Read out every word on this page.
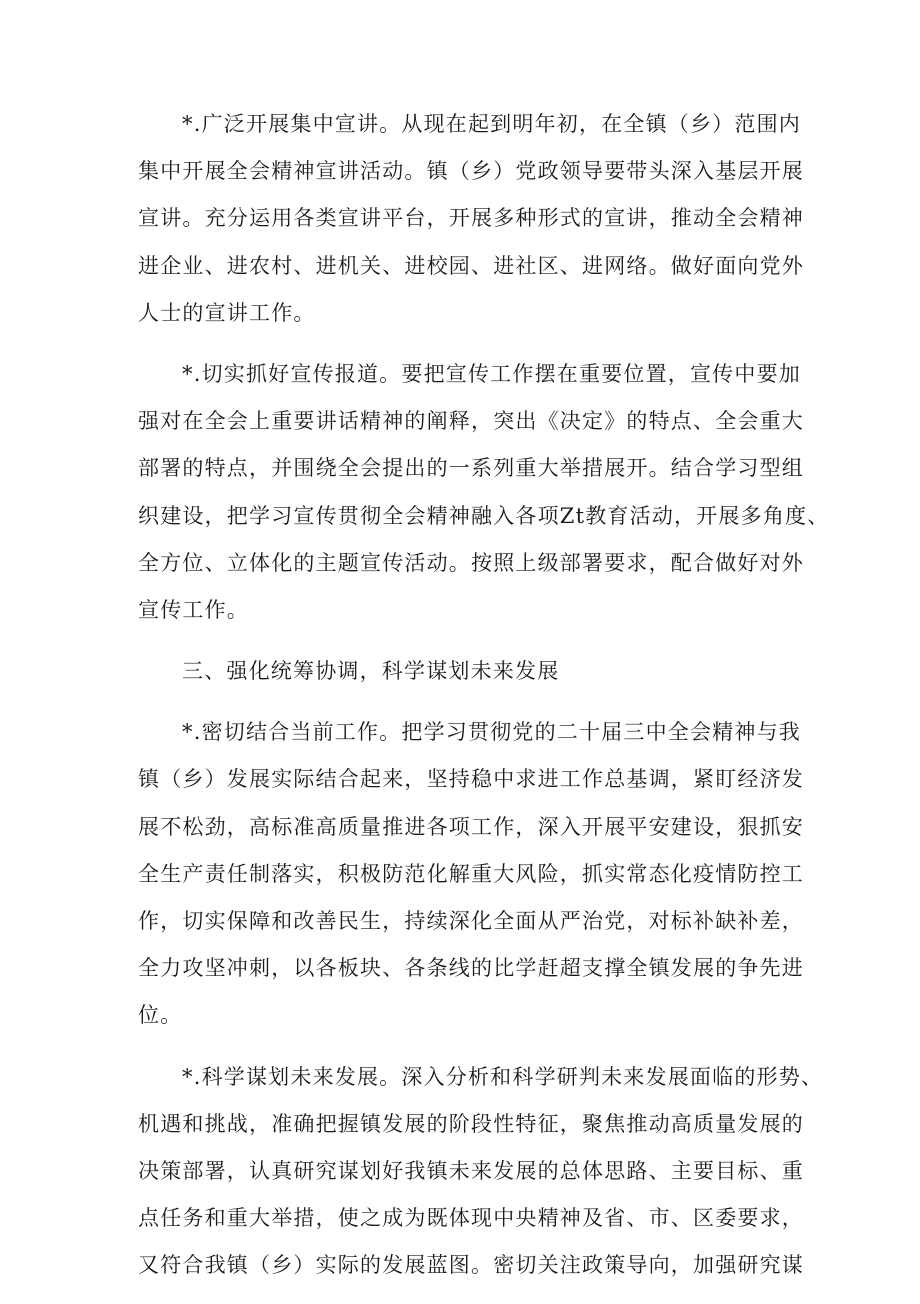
*.广泛开展集中宣讲。从现在起到明年初，在全镇（乡）范围内
集中开展全会精神宣讲活动。镇（乡）党政领导要带头深入基层开展
宣讲。充分运用各类宣讲平台，开展多种形式的宣讲，推动全会精神
进企业、进农村、进机关、进校园、进社区、进网络。做好面向党外
人士的宣讲工作。

*.切实抓好宣传报道。要把宣传工作摆在重要位置，宣传中要加
强对在全会上重要讲话精神的阐释，突出《决定》的特点、全会重大
部署的特点，并围绕全会提出的一系列重大举措展开。结合学习型组
织建设，把学习宣传贯彻全会精神融入各项Zt教育活动，开展多角度、
全方位、立体化的主题宣传活动。按照上级部署要求，配合做好对外
宣传工作。

三、强化统筹协调，科学谋划未来发展

*.密切结合当前工作。把学习贯彻党的二十届三中全会精神与我
镇（乡）发展实际结合起来，坚持稳中求进工作总基调，紧盯经济发
展不松劲，高标准高质量推进各项工作，深入开展平安建设，狠抓安
全生产责任制落实，积极防范化解重大风险，抓实常态化疫情防控工
作，切实保障和改善民生，持续深化全面从严治党，对标补缺补差，
全力攻坚冲刺，以各板块、各条线的比学赶超支撑全镇发展的争先进
位。

*.科学谋划未来发展。深入分析和科学研判未来发展面临的形势、
机遇和挑战，准确把握镇发展的阶段性特征，聚焦推动高质量发展的
决策部署，认真研究谋划好我镇未来发展的总体思路、主要目标、重
点任务和重大举措，使之成为既体现中央精神及省、市、区委要求，
又符合我镇（乡）实际的发展蓝图。密切关注政策导向，加强研究谋
